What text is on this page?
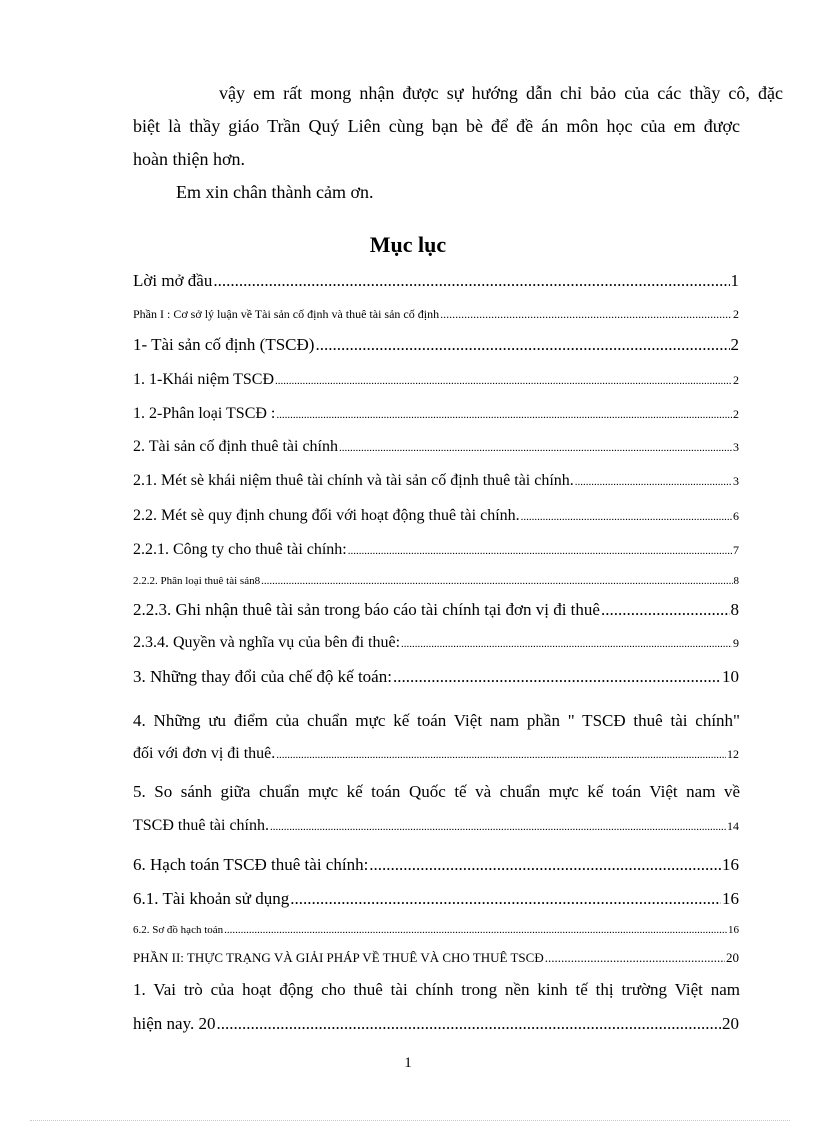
vậy em rất mong nhận được sự hướng dẫn chỉ bảo của các thầy cô, đặc
biệt là thầy giáo Trần Quý Liên cùng bạn bè để đề án môn học của em được
hoàn thiện hơn.
Em xin chân thành cảm ơn.
Mục lục
Lời mở đầu .....	1
Phần I : Cơ sở lý luận về Tài sản cố định và thuê tài sản cố định .....	2
1- Tài sản cố định (TSCĐ) .....	2
1. 1-Khái niệm TSCĐ .....	2
1. 2-Phân loại TSCĐ : .....	2
2. Tài sản cố định thuê tài chính .....	3
2.1. Mét sè khái niệm thuê tài chính và tài sản cố định thuê tài chính. .....	3
2.2. Mét sè quy định chung đối với hoạt động thuê tài chính. .....	6
2.2.1. Công ty cho thuê tài chính: .....	7
2.2.2. Phân loại thuê tài sản8 .....	8
2.2.3. Ghi nhận thuê tài sản trong báo cáo tài chính tại đơn vị đi thuê .....	8
2.3.4. Quyền và nghĩa vụ của bên đi thuê: .....	9
3. Những thay đổi của chế độ kế toán: .....	10
4. Những ưu điểm của chuẩn mực kế toán Việt nam phần " TSCĐ thuê tài chính"
đối với đơn vị đi thuê. .....	12
5. So sánh giữa chuẩn mực kế toán Quốc tế và chuẩn mực kế toán Việt nam về
TSCĐ thuê tài chính. .....	14
6. Hạch toán TSCĐ thuê tài chính: .....	16
6.1. Tài khoản sử dụng .....	16
6.2. Sơ đồ hạch toán .....	16
PHẦN II: THỰC TRẠNG VÀ GIẢI PHÁP VỀ THUÊ VÀ CHO THUÊ TSCĐ .....	20
1. Vai trò của hoạt động cho thuê tài chính trong nền kinh tế thị trường Việt nam
hiện nay. 20 .....	20
1
